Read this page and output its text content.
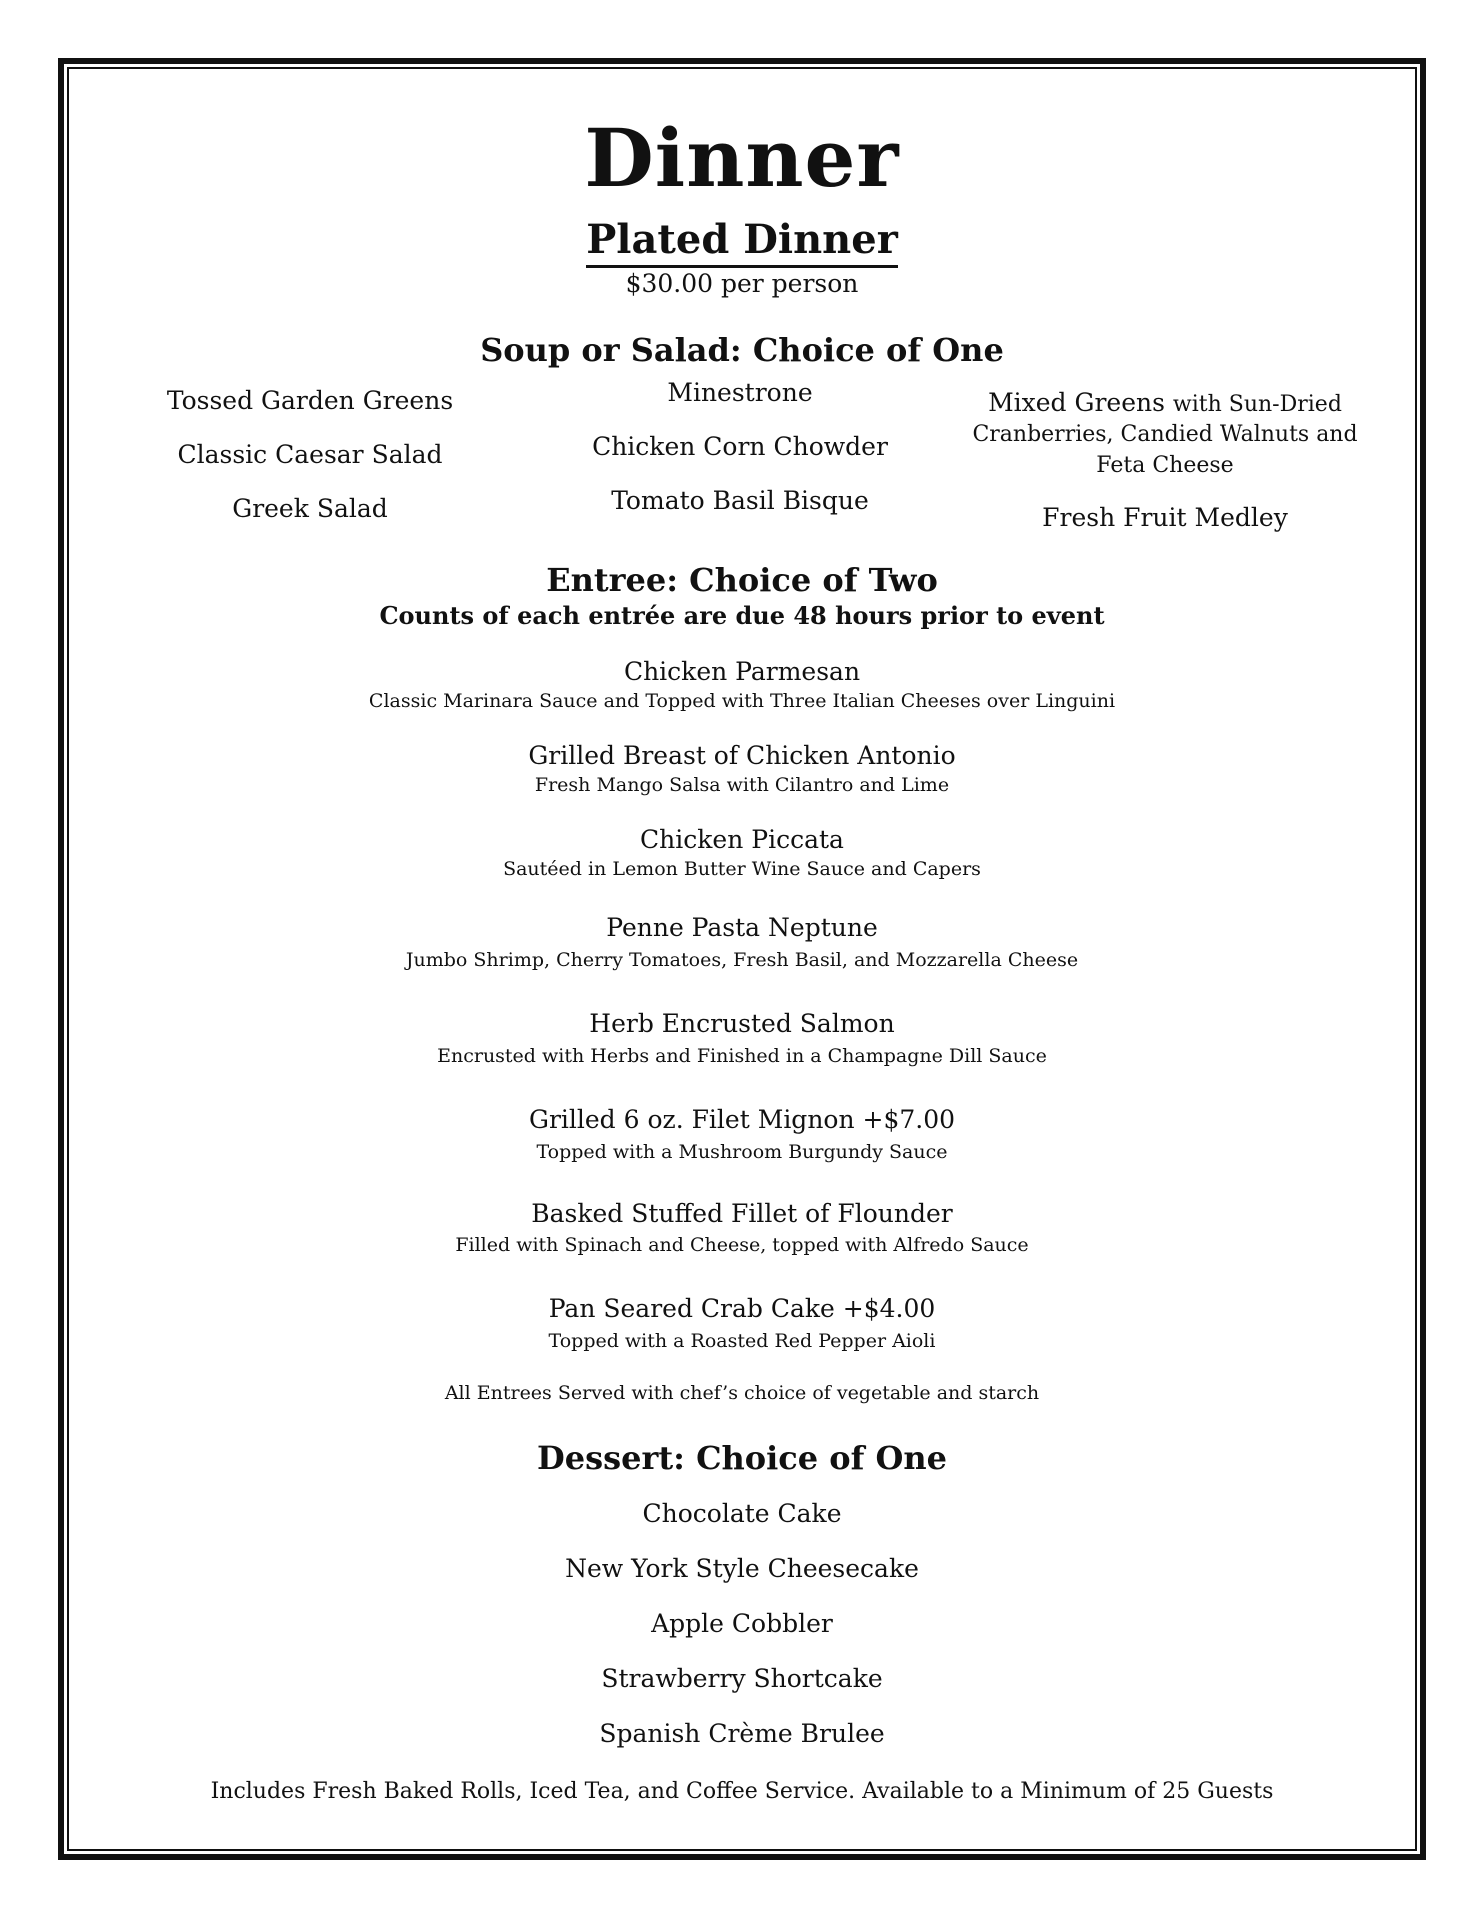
Dinner
Plated Dinner
$30.00 per person
Soup or Salad: Choice of One
Tossed Garden Greens
Classic Caesar Salad
Greek Salad
Minestrone
Chicken Corn Chowder
Tomato Basil Bisque
Mixed Greens with Sun-Dried
Cranberries, Candied Walnuts and
Feta Cheese
Fresh Fruit Medley
Entree: Choice of Two
Counts of each entrée are due 48 hours prior to event
Chicken Parmesan
Classic Marinara Sauce and Topped with Three Italian Cheeses over Linguini
Grilled Breast of Chicken Antonio
Fresh Mango Salsa with Cilantro and Lime
Chicken Piccata
Sautéed in Lemon Butter Wine Sauce and Capers
Penne Pasta Neptune
Jumbo Shrimp, Cherry Tomatoes, Fresh Basil, and Mozzarella Cheese
Herb Encrusted Salmon
Encrusted with Herbs and Finished in a Champagne Dill Sauce
Grilled 6 oz. Filet Mignon +$7.00
Topped with a Mushroom Burgundy Sauce
Basked Stuffed Fillet of Flounder
Filled with Spinach and Cheese, topped with Alfredo Sauce
Pan Seared Crab Cake +$4.00
Topped with a Roasted Red Pepper Aioli
All Entrees Served with chef’s choice of vegetable and starch
Dessert: Choice of One
Chocolate Cake
New York Style Cheesecake
Apple Cobbler
Strawberry Shortcake
Spanish Crème Brulee
Includes Fresh Baked Rolls, Iced Tea, and Coffee Service. Available to a Minimum of 25 Guests
